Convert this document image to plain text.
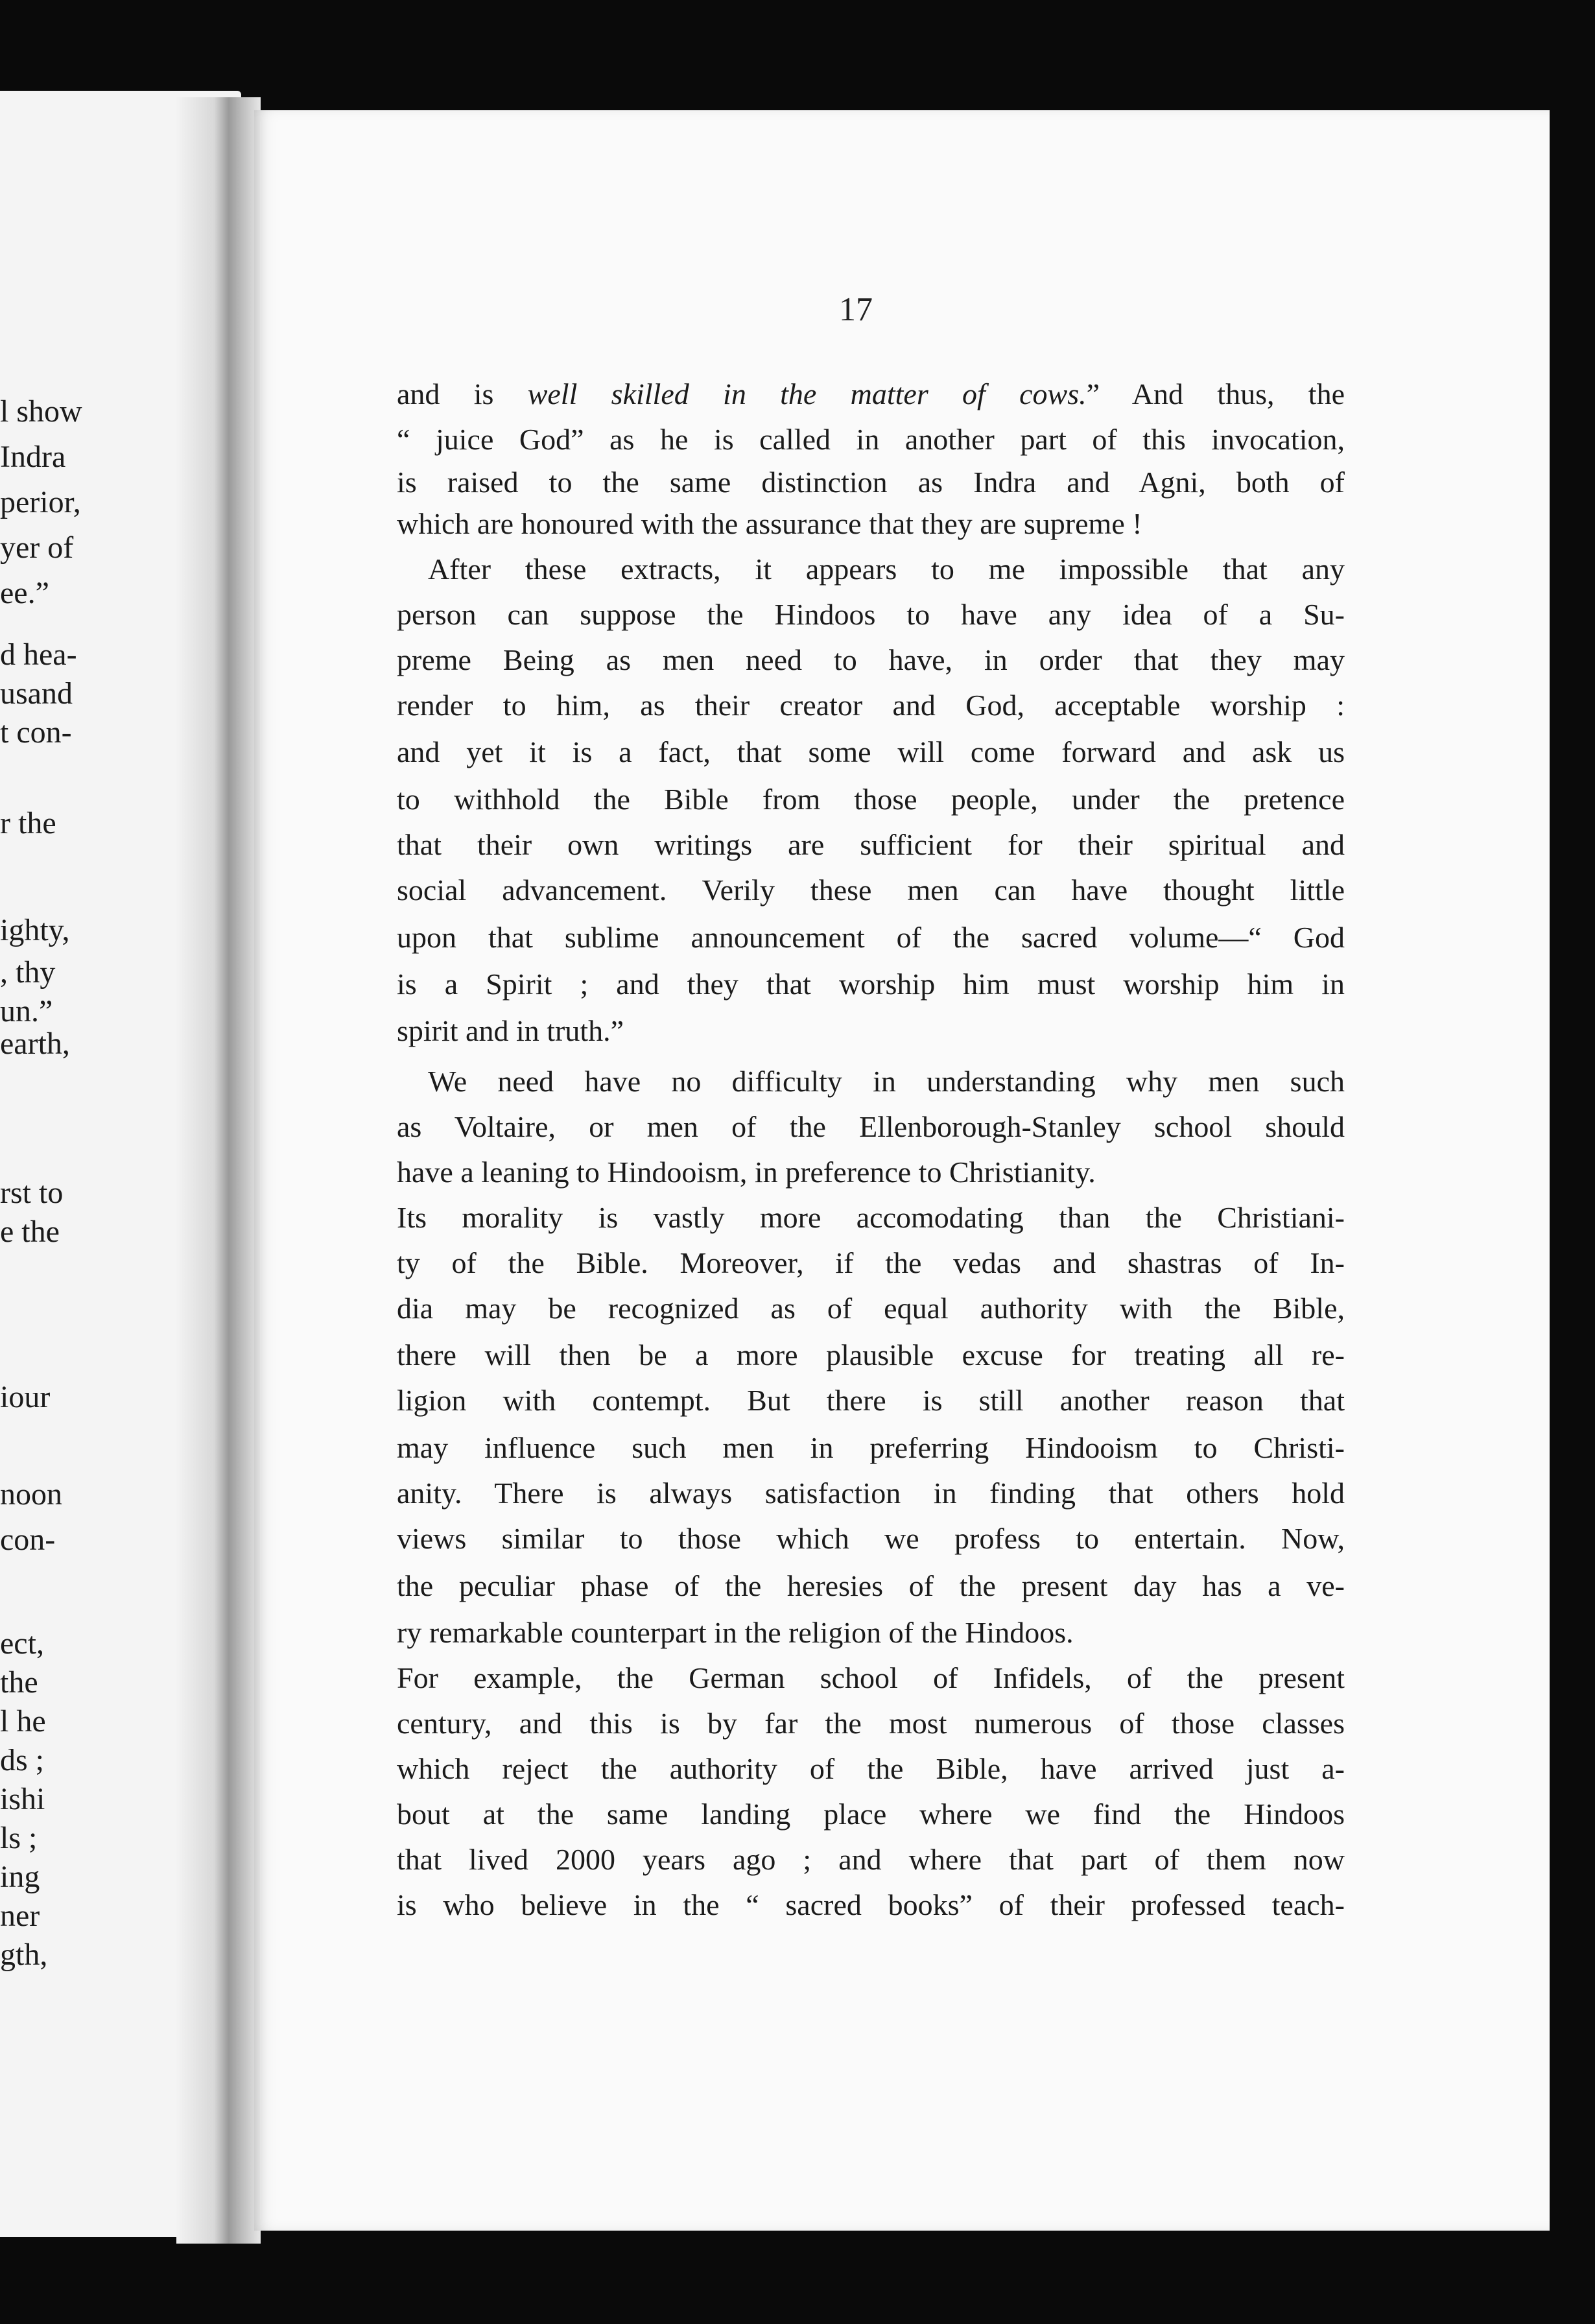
l show
Indra
perior,
yer of
ee.”
d hea-
usand
t con-
r the
ighty,
, thy
un.”
earth,
rst to
e the
iour
noon
con-
ect,
the
l he
ds ;
ishi
ls ;
ing
ner
gth,
17
and is well skilled in the matter of cows.” And thus, the
“ juice God” as he is called in another part of this invocation,
is raised to the same distinction as Indra and Agni, both of
which are honoured with the assurance that they are supreme !
After these extracts, it appears to me impossible that any
person can suppose the Hindoos to have any idea of a Su-
preme Being as men need to have, in order that they may
render to him, as their creator and God, acceptable worship :
and yet it is a fact, that some will come forward and ask us
to withhold the Bible from those people, under the pretence
that their own writings are sufficient for their spiritual and
social advancement. Verily these men can have thought little
upon that sublime announcement of the sacred volume—“ God
is a Spirit ; and they that worship him must worship him in
spirit and in truth.”
We need have no difficulty in understanding why men such
as Voltaire, or men of the Ellenborough-Stanley school should
have a leaning to Hindooism, in preference to Christianity.
Its morality is vastly more accomodating than the Christiani-
ty of the Bible. Moreover, if the vedas and shastras of In-
dia may be recognized as of equal authority with the Bible,
there will then be a more plausible excuse for treating all re-
ligion with contempt. But there is still another reason that
may influence such men in preferring Hindooism to Christi-
anity. There is always satisfaction in finding that others hold
views similar to those which we profess to entertain. Now,
the peculiar phase of the heresies of the present day has a ve-
ry remarkable counterpart in the religion of the Hindoos.
For example, the German school of Infidels, of the present
century, and this is by far the most numerous of those classes
which reject the authority of the Bible, have arrived just a-
bout at the same landing place where we find the Hindoos
that lived 2000 years ago ; and where that part of them now
is who believe in the “ sacred books” of their professed teach-
